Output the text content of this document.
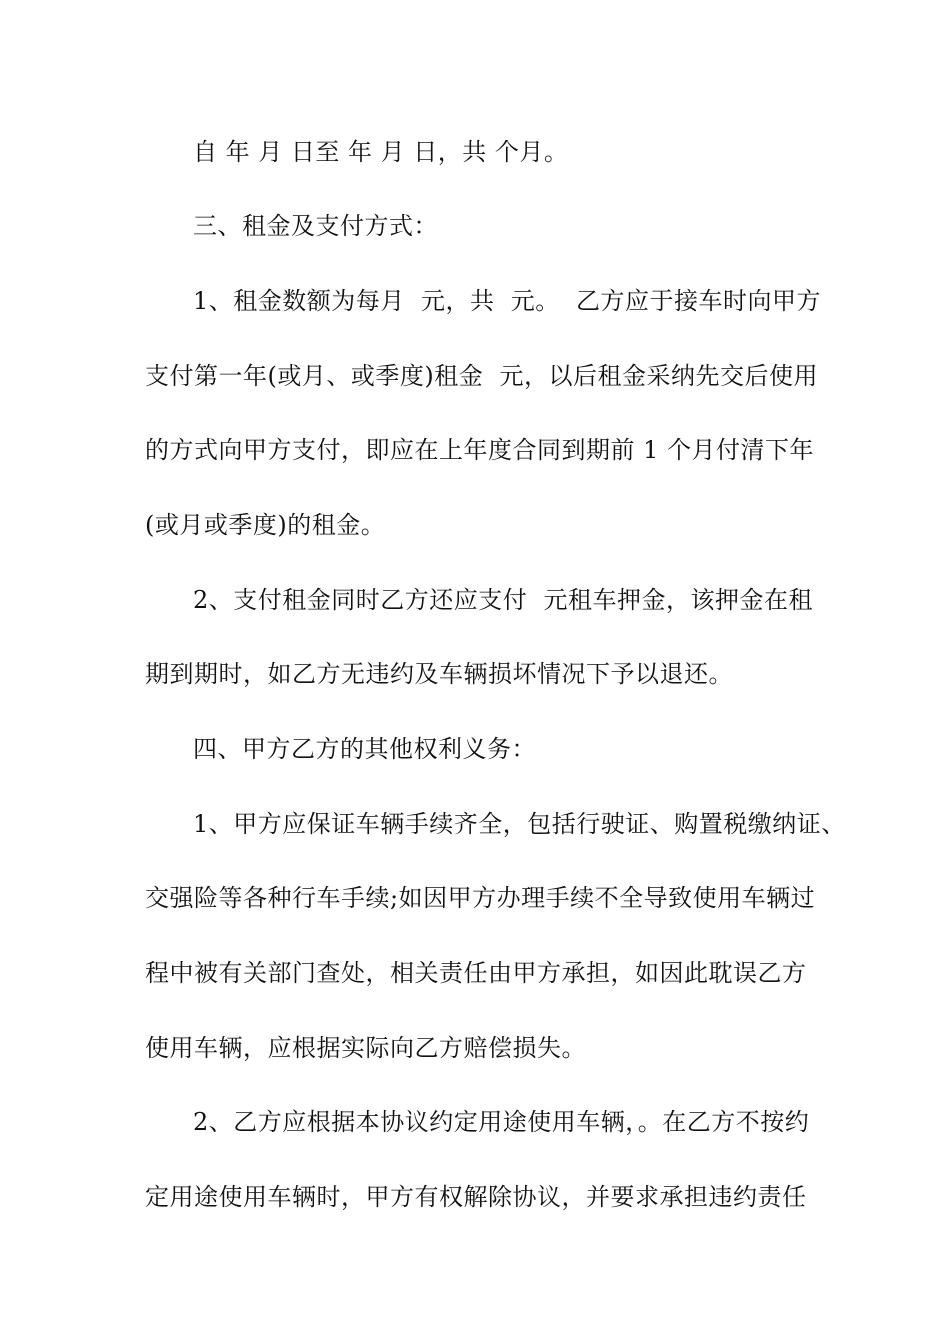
自 年 月 日至 年 月 日，共 个月。
三、租金及支付方式：
1、租金数额为每月  元，共  元。  乙方应于接车时向甲方
支付第一年(或月、或季度)租金  元，以后租金采纳先交后使用
的方式向甲方支付，即应在上年度合同到期前 1 个月付清下年
(或月或季度)的租金。
2、支付租金同时乙方还应支付  元租车押金，该押金在租
期到期时，如乙方无违约及车辆损坏情况下予以退还。
四、甲方乙方的其他权利义务：
1、甲方应保证车辆手续齐全，包括行驶证、购置税缴纳证、
交强险等各种行车手续;如因甲方办理手续不全导致使用车辆过
程中被有关部门查处，相关责任由甲方承担，如因此耽误乙方
使用车辆，应根据实际向乙方赔偿损失。
2、乙方应根据本协议约定用途使用车辆，。在乙方不按约
定用途使用车辆时，甲方有权解除协议，并要求承担违约责任
